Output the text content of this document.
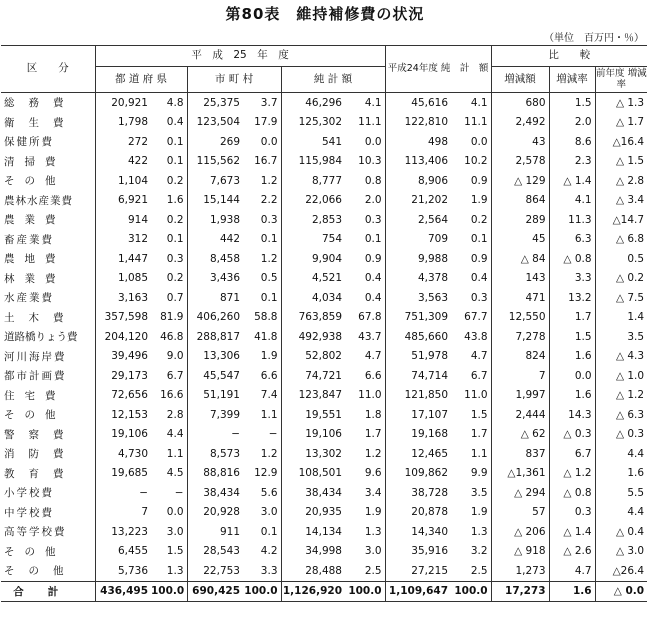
第80表　維持補修費の状況
（単位　百万円・％）
区　　分	平　成　25　年　度						平成24年度 純　計　額		比　　較		
	都 道 府 県		市 町 村		純 計 額				増減額	増減率	前年度 増減率
総務費	20,921	4.8	25,375	3.7	46,296	4.1	45,616	4.1	680	1.5	△ 1.3
衛生費	1,798	0.4	123,504	17.9	125,302	11.1	122,810	11.1	2,492	2.0	△ 1.7
保健所費	272	0.1	269	0.0	541	0.0	498	0.0	43	8.6	△16.4
清掃費	422	0.1	115,562	16.7	115,984	10.3	113,406	10.2	2,578	2.3	△ 1.5
その他	1,104	0.2	7,673	1.2	8,777	0.8	8,906	0.9	△ 129	△ 1.4	△ 2.8
農林水産業費	6,921	1.6	15,144	2.2	22,066	2.0	21,202	1.9	864	4.1	△ 3.4
農業費	914	0.2	1,938	0.3	2,853	0.3	2,564	0.2	289	11.3	△14.7
畜産業費	312	0.1	442	0.1	754	0.1	709	0.1	45	6.3	△ 6.8
農地費	1,447	0.3	8,458	1.2	9,904	0.9	9,988	0.9	△ 84	△ 0.8	0.5
林業費	1,085	0.2	3,436	0.5	4,521	0.4	4,378	0.4	143	3.3	△ 0.2
水産業費	3,163	0.7	871	0.1	4,034	0.4	3,563	0.3	471	13.2	△ 7.5
土木費	357,598	81.9	406,260	58.8	763,859	67.8	751,309	67.7	12,550	1.7	1.4
道路橋りょう費	204,120	46.8	288,817	41.8	492,938	43.7	485,660	43.8	7,278	1.5	3.5
河川海岸費	39,496	9.0	13,306	1.9	52,802	4.7	51,978	4.7	824	1.6	△ 4.3
都市計画費	29,173	6.7	45,547	6.6	74,721	6.6	74,714	6.7	7	0.0	△ 1.0
住宅費	72,656	16.6	51,191	7.4	123,847	11.0	121,850	11.0	1,997	1.6	△ 1.2
その他	12,153	2.8	7,399	1.1	19,551	1.8	17,107	1.5	2,444	14.3	△ 6.3
警察費	19,106	4.4	−	−	19,106	1.7	19,168	1.7	△ 62	△ 0.3	△ 0.3
消防費	4,730	1.1	8,573	1.2	13,302	1.2	12,465	1.1	837	6.7	4.4
教育費	19,685	4.5	88,816	12.9	108,501	9.6	109,862	9.9	△1,361	△ 1.2	1.6
小学校費	−	−	38,434	5.6	38,434	3.4	38,728	3.5	△ 294	△ 0.8	5.5
中学校費	7	0.0	20,928	3.0	20,935	1.9	20,878	1.9	57	0.3	4.4
高等学校費	13,223	3.0	911	0.1	14,134	1.3	14,340	1.3	△ 206	△ 1.4	△ 0.4
その他	6,455	1.5	28,543	4.2	34,998	3.0	35,916	3.2	△ 918	△ 2.6	△ 3.0
その他	5,736	1.3	22,753	3.3	28,488	2.5	27,215	2.5	1,273	4.7	△26.4
合計	436,495	100.0	690,425	100.0	1,126,920	100.0	1,109,647	100.0	17,273	1.6	△ 0.0
